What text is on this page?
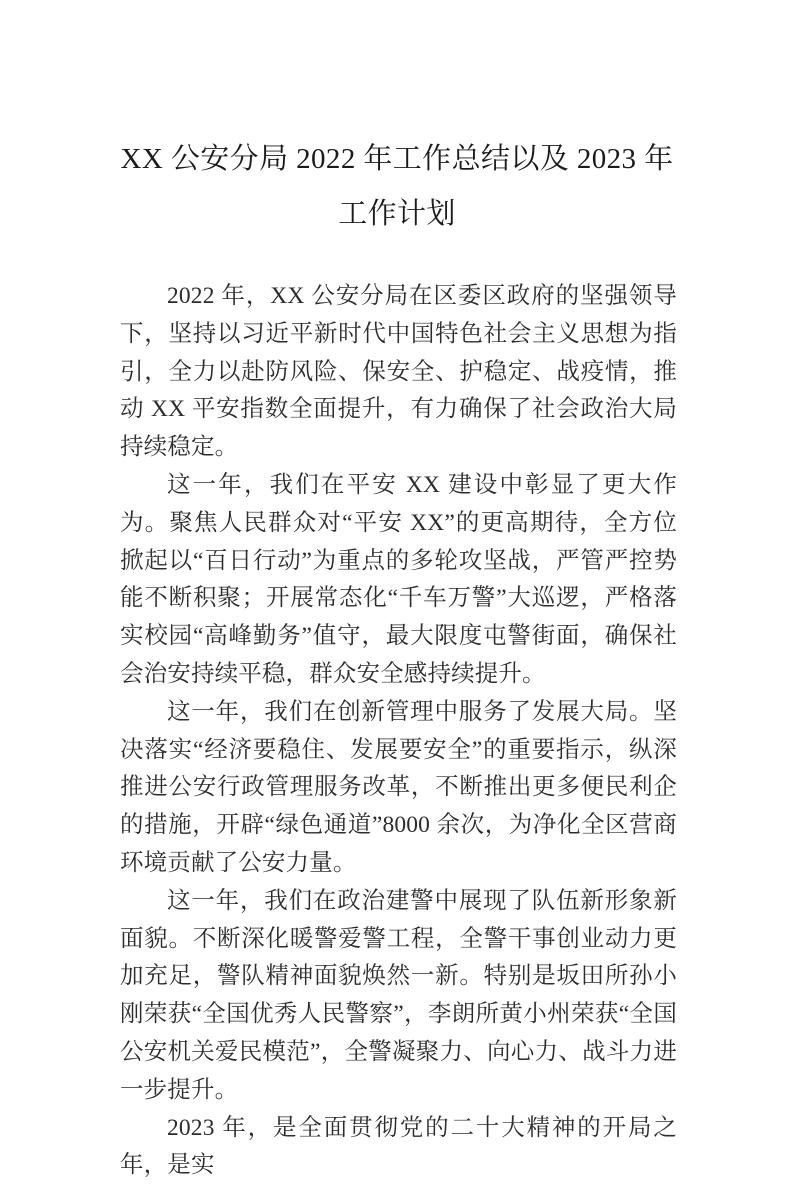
XX 公安分局 2022 年工作总结以及 2023 年
工作计划

2022 年，XX 公安分局在区委区政府的坚强领导下，坚持以习近平新时代中国特色社会主义思想为指引，全力以赴防风险、保安全、护稳定、战疫情，推动 XX 平安指数全面提升，有力确保了社会政治大局持续稳定。

这一年，我们在平安 XX 建设中彰显了更大作为。聚焦人民群众对“平安 XX”的更高期待，全方位掀起以“百日行动”为重点的多轮攻坚战，严管严控势能不断积聚；开展常态化“千车万警”大巡逻，严格落实校园“高峰勤务”值守，最大限度屯警街面，确保社会治安持续平稳，群众安全感持续提升。

这一年，我们在创新管理中服务了发展大局。坚决落实“经济要稳住、发展要安全”的重要指示，纵深推进公安行政管理服务改革，不断推出更多便民利企的措施，开辟“绿色通道”8000 余次，为净化全区营商环境贡献了公安力量。

这一年，我们在政治建警中展现了队伍新形象新面貌。不断深化暖警爱警工程，全警干事创业动力更加充足，警队精神面貌焕然一新。特别是坂田所孙小刚荣获“全国优秀人民警察”，李朗所黄小州荣获“全国公安机关爱民模范”，全警凝聚力、向心力、战斗力进一步提升。

2023 年，是全面贯彻党的二十大精神的开局之年，是实
